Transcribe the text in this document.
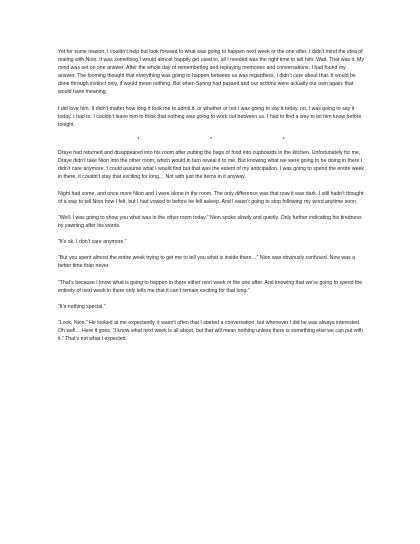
Yet for some reason, I couldn’t help but look forward to what was going to happen next week or the one after. I didn’t mind the idea of mating with Nion. It was something I would almost happily get used to, all I needed was the right time to tell him. Wait. That was it. My mind was set on one answer. After the whole day of remembering and replaying memories and conversations, I had found my answer. The looming thought that everything was going to happen between us was regardless, I didn’t care about that. It would be done through instinct only, it would mean nothing. But when Spring had passed and our actions were actually our own again, that would have meaning.

I did love him. It didn’t matter how long it took me to admit it, or whether or not I was going to say it today, no, I was going to say it today. I had to. I couldn’t leave him to think that nothing was going to work out between us. I had to find a way to let him know before tonight.

*	*	*

Draye had returned and disappeared into his room after putting the bags of food into cupboards in the kitchen. Unfortunately for me, Draye didn’t take Nion into the other room, which would in turn reveal it to me. But knowing what we were going to be doing in there I didn’t care anymore. I could assume what I would find but that was the extent of my anticipation. I was going to spend the entire week in there, it couldn’t stay that exciting for long… Not with just the items in it anyway.

Night had come, and once more Nion and I were alone in the room. The only difference was that now it was dark. I still hadn’t thought of a way to tell Nion how I felt, but I had vowed to before he fell asleep. And I wasn’t going to stop following my word anytime soon.

“Well, I was going to show you what was in the other room today.” Nion spoke slowly and quietly. Only further indicating his tiredness by yawning after his words.

“It’s ok. I don’t care anymore.”

“But you spent almost the entire week trying to get me to tell you what is inside there…” Nion was obviously confused. Now was a better time than never.

“That’s because I know what is going to happen in there either next week or the one after. And knowing that we’re going to spend the entirety of next week in there only tells me that it can’t remain exciting for that long.”

“It’s nothing special.”

“Look, Nion.” He looked at me expectantly, it wasn’t often that I started a conversation, but whenever I did he was always interested. Oh well… Here it goes. “I know what next week is all about, but that will mean nothing unless there is something else we can put with it.” That’s not what I expected.
